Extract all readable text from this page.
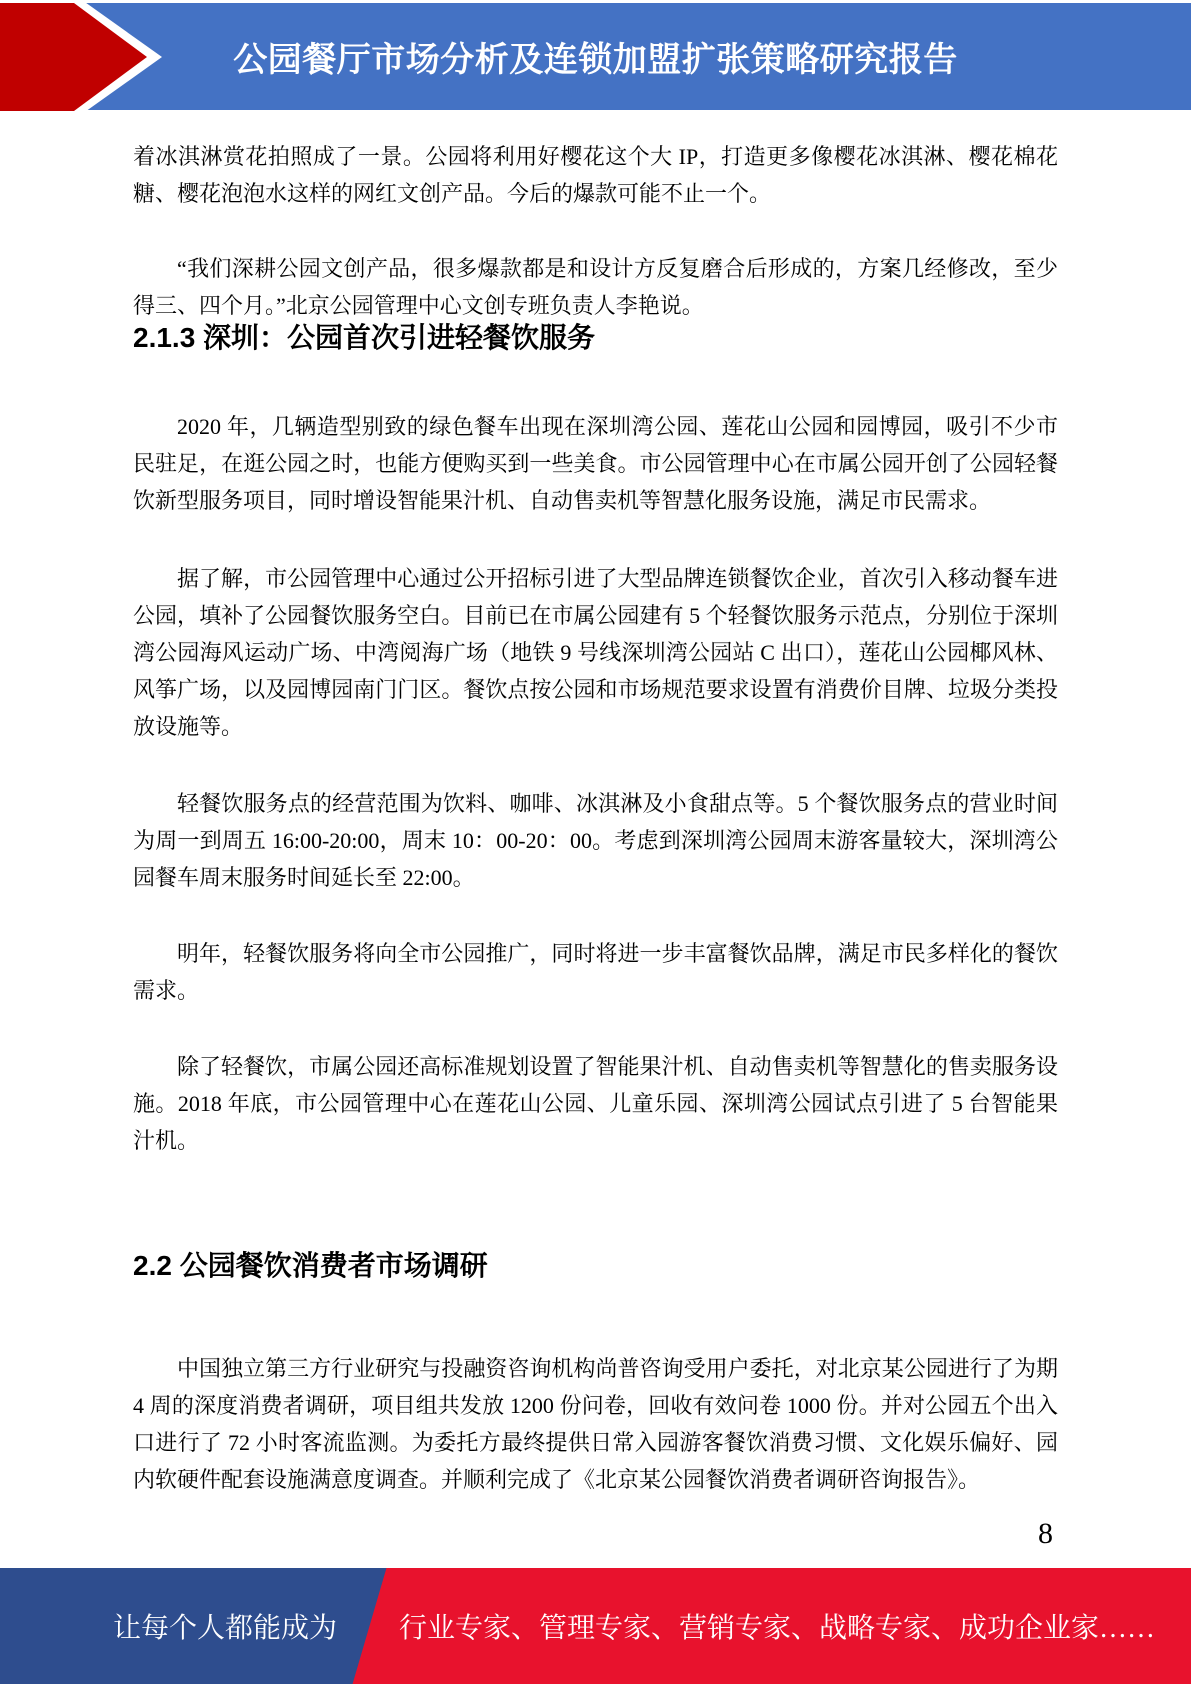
公园餐厅市场分析及连锁加盟扩张策略研究报告

着冰淇淋赏花拍照成了一景。公园将利用好樱花这个大 IP，打造更多像樱花冰淇淋、樱花棉花糖、樱花泡泡水这样的网红文创产品。今后的爆款可能不止一个。

“我们深耕公园文创产品，很多爆款都是和设计方反复磨合后形成的，方案几经修改，至少得三、四个月。”北京公园管理中心文创专班负责人李艳说。

2.1.3 深圳：公园首次引进轻餐饮服务

2020 年，几辆造型别致的绿色餐车出现在深圳湾公园、莲花山公园和园博园，吸引不少市民驻足，在逛公园之时，也能方便购买到一些美食。市公园管理中心在市属公园开创了公园轻餐饮新型服务项目，同时增设智能果汁机、自动售卖机等智慧化服务设施，满足市民需求。

据了解，市公园管理中心通过公开招标引进了大型品牌连锁餐饮企业，首次引入移动餐车进公园，填补了公园餐饮服务空白。目前已在市属公园建有 5 个轻餐饮服务示范点，分别位于深圳湾公园海风运动广场、中湾阅海广场（地铁 9 号线深圳湾公园站 C 出口），莲花山公园椰风林、风筝广场，以及园博园南门门区。餐饮点按公园和市场规范要求设置有消费价目牌、垃圾分类投放设施等。

轻餐饮服务点的经营范围为饮料、咖啡、冰淇淋及小食甜点等。5 个餐饮服务点的营业时间为周一到周五 16:00-20:00，周末 10：00-20：00。考虑到深圳湾公园周末游客量较大，深圳湾公园餐车周末服务时间延长至 22:00。

明年，轻餐饮服务将向全市公园推广，同时将进一步丰富餐饮品牌，满足市民多样化的餐饮需求。

除了轻餐饮，市属公园还高标准规划设置了智能果汁机、自动售卖机等智慧化的售卖服务设施。2018 年底，市公园管理中心在莲花山公园、儿童乐园、深圳湾公园试点引进了 5 台智能果汁机。

2.2 公园餐饮消费者市场调研

中国独立第三方行业研究与投融资咨询机构尚普咨询受用户委托，对北京某公园进行了为期 4 周的深度消费者调研，项目组共发放 1200 份问卷，回收有效问卷 1000 份。并对公园五个出入口进行了 72 小时客流监测。为委托方最终提供日常入园游客餐饮消费习惯、文化娱乐偏好、园内软硬件配套设施满意度调查。并顺利完成了《北京某公园餐饮消费者调研咨询报告》。

8
让每个人都能成为 行业专家、管理专家、营销专家、战略专家、成功企业家……
